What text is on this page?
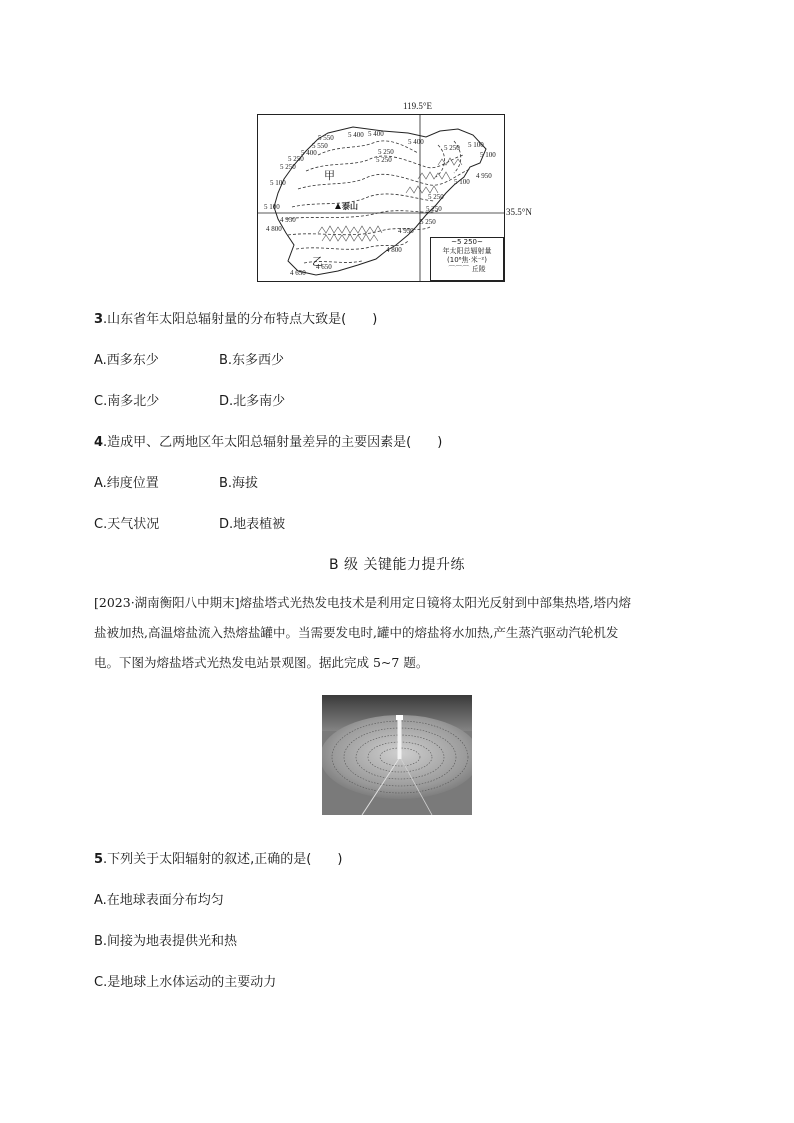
119.5°E
5 550 5 400 5 400
5 550
5 400
5 250
5 250
5 250
5 250
5 400
5 250 5 100
5 100
5 100
4 950
5 100
5 250
5 250
5 250
5 100
4 950
4 950
4 800
4 800
4 650
4 650
甲
乙
泰山
~5 250~
年太阳总辐射量
(10⁶焦·米⁻²)
⌒⌒⌒ 丘陵
35.5°N
3.山东省年太阳总辐射量的分布特点大致是(　　)
A.西多东少	B.东多西少
C.南多北少	D.北多南少
4.造成甲、乙两地区年太阳总辐射量差异的主要因素是(　　)
A.纬度位置	B.海拔
C.天气状况	D.地表植被
B 级 关键能力提升练
[2023·湖南衡阳八中期末]熔盐塔式光热发电技术是利用定日镜将太阳光反射到中部集热塔,塔内熔
盐被加热,高温熔盐流入热熔盐罐中。当需要发电时,罐中的熔盐将水加热,产生蒸汽驱动汽轮机发
电。下图为熔盐塔式光热发电站景观图。据此完成 5~7 题。
5.下列关于太阳辐射的叙述,正确的是(　　)
A.在地球表面分布均匀
B.间接为地表提供光和热
C.是地球上水体运动的主要动力
